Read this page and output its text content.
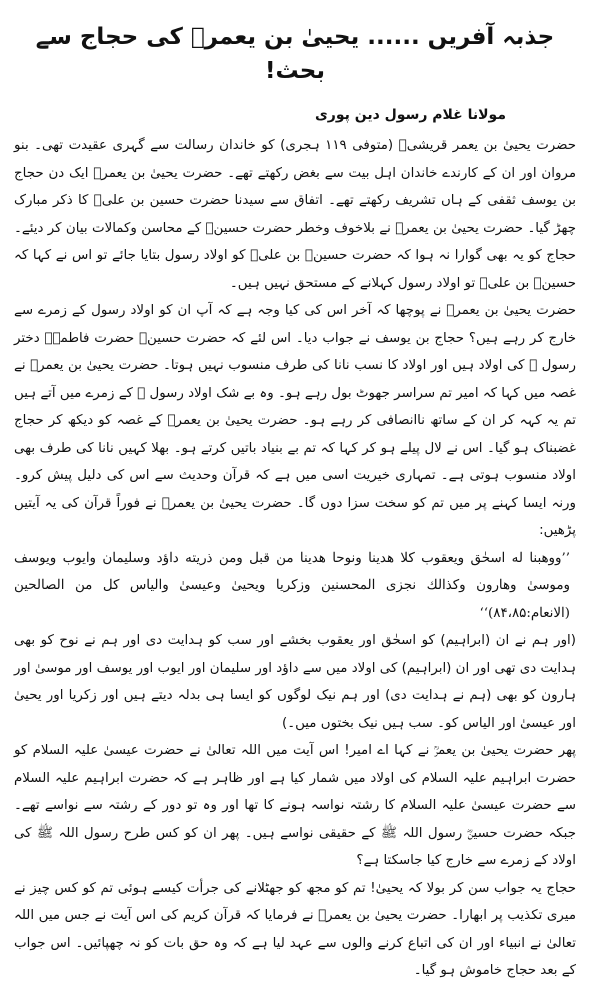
جذبہ آفریں ...... یحییٰ بن یعمرؒ کی حجاج سے بحث!
مولانا غلام رسول دین پوری

حضرت یحییٰ بن یعمر قریشیؒ (متوفی ۱۱۹ ہجری) کو خاندان رسالت سے گہری عقیدت تھی۔ بنو مروان اور ان کے کارندے خاندان اہل بیت سے بغض رکھتے تھے۔ حضرت یحییٰ بن یعمرؒ ایک دن حجاج بن یوسف ثقفی کے ہاں تشریف رکھتے تھے۔ اتفاق سے سیدنا حضرت حسین بن علیؓ کا ذکر مبارک چھڑ گیا۔ حضرت یحییٰ بن یعمرؒ نے بلاخوف وخطر حضرت حسینؓ کے محاسن وکمالات بیان کر دیئے۔ حجاج کو یہ بھی گوارا نہ ہوا کہ حضرت حسینؓ بن علیؓ کو اولاد رسول بتایا جائے تو اس نے کہا کہ حسینؓ بن علیؓ تو اولاد رسول کہلانے کے مستحق نہیں ہیں۔

حضرت یحییٰ بن یعمرؒ نے پوچھا کہ آخر اس کی کیا وجہ ہے کہ آپ ان کو اولاد رسول کے زمرے سے خارج کر رہے ہیں؟ حجاج بن یوسف نے جواب دیا۔ اس لئے کہ حضرت حسینؓ حضرت فاطمہؓ دختر رسول ﷺ کی اولاد ہیں اور اولاد کا نسب نانا کی طرف منسوب نہیں ہوتا۔ حضرت یحییٰ بن یعمرؒ نے غصہ میں کہا کہ امیر تم سراسر جھوٹ بول رہے ہو۔ وہ بے شک اولاد رسول ﷺ کے زمرے میں آتے ہیں تم یہ کہہ کر ان کے ساتھ ناانصافی کر رہے ہو۔ حضرت یحییٰ بن یعمرؒ کے غصہ کو دیکھ کر حجاج غضبناک ہو گیا۔ اس نے لال پیلے ہو کر کہا کہ تم بے بنیاد باتیں کرتے ہو۔ بھلا کہیں نانا کی طرف بھی اولاد منسوب ہوتی ہے۔ تمہاری خیریت اسی میں ہے کہ قرآن وحدیث سے اس کی دلیل پیش کرو۔ ورنہ ایسا کہنے پر میں تم کو سخت سزا دوں گا۔ حضرت یحییٰ بن یعمرؒ نے فوراً قرآن کی یہ آیتیں پڑھیں:

’’ووهبنا له اسحٰق ويعقوب كلا هدينا ونوحا هدينا من قبل ومن ذريته داؤد وسليمان وايوب ويوسف وموسىٰ وهارون وكذالك نجزى المحسنين وزكريا ويحيىٰ وعيسىٰ والياس كل من الصالحين (الانعام:۸۴،۸۵)‘‘

(اور ہم نے ان (ابراہیم) کو اسحٰق اور یعقوب بخشے اور سب کو ہدایت دی اور ہم نے نوح کو بھی ہدایت دی تھی اور ان (ابراہیم) کی اولاد میں سے داؤد اور سلیمان اور ایوب اور یوسف اور موسیٰ اور ہارون کو بھی (ہم نے ہدایت دی) اور ہم نیک لوگوں کو ایسا ہی بدلہ دیتے ہیں اور زکریا اور یحییٰ اور عیسیٰ اور الیاس کو۔ سب ہیں نیک بختوں میں۔)

پھر حضرت یحییٰ بن یعمرؒ نے کہا اے امیر! اس آیت میں اللہ تعالیٰ نے حضرت عیسیٰ علیہ السلام کو حضرت ابراہیم علیہ السلام کی اولاد میں شمار کیا ہے اور ظاہر ہے کہ حضرت ابراہیم علیہ السلام سے حضرت عیسیٰ علیہ السلام کا رشتہ نواسہ ہونے کا تھا اور وہ تو دور کے رشتہ سے نواسے تھے۔ جبکہ حضرت حسینؓ رسول اللہ ﷺ کے حقیقی نواسے ہیں۔ پھر ان کو کس طرح رسول اللہ ﷺ کی اولاد کے زمرے سے خارج کیا جاسکتا ہے؟

حجاج یہ جواب سن کر بولا کہ یحییٰ! تم کو مجھ کو جھٹلانے کی جرأت کیسے ہوئی تم کو کس چیز نے میری تکذیب پر ابھارا۔ حضرت یحییٰ بن یعمرؒ نے فرمایا کہ قرآن کریم کی اس آیت نے جس میں اللہ تعالیٰ نے انبیاء اور ان کی اتباع کرنے والوں سے عہد لیا ہے کہ وہ حق بات کو نہ چھپائیں۔ اس جواب کے بعد حجاج خاموش ہو گیا۔
